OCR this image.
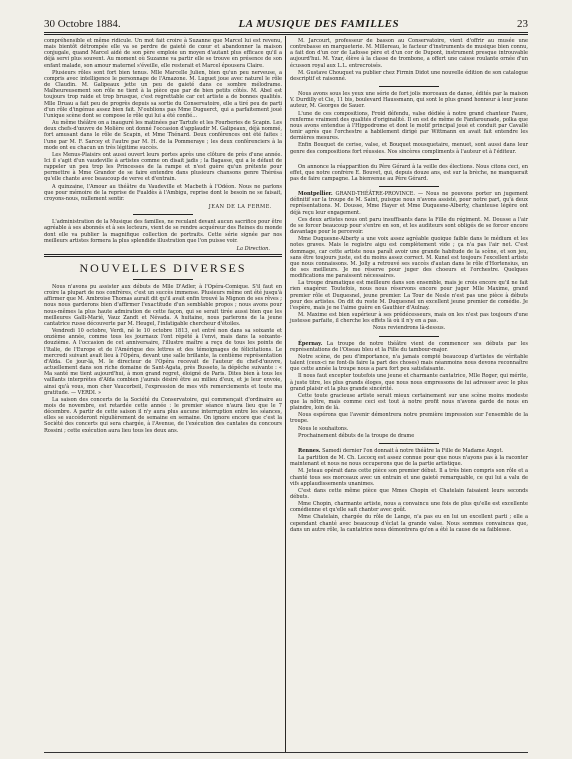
30 Octobre 1884.	LA MUSIQUE DES FAMILLES	23

compréhensible et même ridicule. Un mot fait croire à Suzanne que Marcel lui est revenu, mais bientôt détrompée elle va se perdre de gaieté de cœur et abandonner la maison conjugale, quand Marcel aidé de son père emploie un moyen d'autant plus efficace qu'il a déjà servi plus souvent. Au moment où Suzanne va partir elle se trouve en présence de son enfant malade, son amour maternel s'éveille, elle resterait et Marcel épousera Claire.

Plusieurs rôles sont fort bien tenus. Mlle Marcelle Julien, bien qu'un peu nerveuse, a compris avec intelligence le personnage de l'Amazone. M. Luguet joue avec naturel le rôle de Claudin. M. Galipeaux jette un peu de gaieté dans ce sombre mélodrame. Malheureusement son rôle ne tient à la pièce que par de bien petits côtés. M. Abel est toujours trop raide et trop brusque, c'est regrettable car cet artiste a de bonnes qualités. Mlle Druau a fait peu de progrès depuis sa sortie du Conservatoire, elle a tiré peu de parti d'un rôle d'ingénue assez bien fait. N'oublions pas Mme Duguerct, qui a parfaitement joué l'unique scène dont se compose le rôle qui lui a été confié...

Au même théâtre on a inauguré les matinées par Tartufe et les Fourberies de Scapin. Les deux chefs-d'œuvre de Molière ont donné l'occasion d'applaudir M. Galipeaux, déjà nommé, fort amusant dans le rôle de Scapin, et Mme Thénard. Deux conférences ont été faites : l'une par M. F. Sarcey et l'autre par M. H. de la Pommeraye ; les deux conférenciers à la mode ont eu chacun un très légitime succès.

Les Menus-Plaisirs ont aussi ouvert leurs portes après une clôture de près d'une année. Ici il s'agit d'un vaudeville à artistes comme on disait jadis ; la Bagasse, qui a le défaut de rappeler un peu trop les Princesses de la rampe et n'est guère qu'un prétexte pour permettre à Mme Grandor de se faire entendre dans plusieurs chansons genre Thérésa qu'elle chante avec beaucoup de verve et d'entrain.

A quinzaine, l'Amour au théâtre du Vaudeville et Macbeth à l'Odéon. Nous ne parlons que pour mémoire de la reprise de Fualdès à l'Ambigu, reprise dont le besoin ne se faisait, croyons-nous, nullement sentir.

JEAN DE LA FERME.

L'administration de la Musique des familles, ne reculant devant aucun sacrifice pour être agréable à ses abonnés et à ses lecteurs, vient de se rendre acquéreur des Reines du monde dont elle va publier la magnifique collection de portraits. Cette série signée par nos meilleurs artistes formera la plus splendide illustration que l'on puisse voir.

La Direction.
NOUVELLES DIVERSES

Nous n'avons pu assister aux débuts de Mlle D'Adler, à l'Opéra-Comique. S'il faut en croire la plupart de nos confrères, c'est un succès immense. Plusieurs même ont été jusqu'à affirmer que M. Ambroise Thomas aurait dit qu'il avait enfin trouvé la Mignon de ses rêves ; nous nous garderons bien d'affirmer l'exactitude d'un semblable propos ; nous avons pour nous-mêmes la plus haute admiration de cette façon, qui se serait tirée aussi bien que les meilleures Galli-Marié, Vauz Zandt et Névada. A huitaine, nous parlerons de la jeune cantatrice russe découverte par M. Heugel, l'infatigable chercheur d'étoiles.

Vendredi 10 octobre, Verdi, né le 10 octobre 1813, est entré non dans sa soixante et onzième année, comme tous les journaux l'ont répété à l'envi, mais dans la soixante-douzième. A l'occasion de cet anniversaire, l'illustre maître a reçu de tous les points de l'Italie, de l'Europe et de l'Amérique des lettres et des témoignages de félicitations. Le mercredi suivant avait lieu à l'Opéra, devant une salle brillante, la centième représentation d'Aïda. Ce jour-là, M. le directeur de l'Opéra recevait de l'auteur du chef-d'œuvre, actuellement dans son riche domaine de Sant-Agata, près Busseto, la dépêche suivante : « Ma santé me tient aujourd'hui, à mon grand regret, éloigné de Paris. Dites bien à tous les vaillants interprètes d'Aïda combien j'aurais désiré être au milieu d'eux, et je leur envoie, ainsi qu'à vous, mon cher Vaucorbeil, l'expression de mes vifs remerciements et toute ma gratitude. — VERDI. »

La saison des concerts de la Société du Conservatoire, qui commençait d'ordinaire au mois de novembre, est retardée cette année : le premier séance n'aura lieu que le 7 décembre. A partir de cette saison il n'y aura plus aucune interruption entre les séances, elles se succéderont régulièrement de semaine en semaine. On ignore encore que c'est la Société des concerts qui sera chargée, à l'Avenue, de l'exécution des cantates du concours Rossini ; cette exécution aura lieu tous les deux ans.

M. Jarcourt, professeur de basson au Conservatoire, vient d'offrir au musée une contrebasse en marqueterie. M. Millereau, le facteur d'instruments de musique bien connu, a fait don d'un cor de Lafosse père et d'un cor de Dupont, instrument presque introuvable aujourd'hui. M. Yzar, élève à la classe de trombone, a offert une caisse roulante ornée d'un écusson royal aux L.L. entrecroisés.

M. Gustave Chouquet va publier chez Firmin Didot une nouvelle édition de son catalogue descriptif et raisonné.

Nous avons sous les yeux une série de fort jolis morceaux de danse, édités par la maison V. Durdilly et Cie, 11 bis, boulevard Haussmann, qui sont le plus grand honneur à leur jeune auteur, M. Georges de Sauer.

L'une de ces compositions, Froid défendu, valse dédiée à notre grand chanteur Faure, renferme vraiment des qualités d'originalité. Il en est de même de Fanfarounade, polka que nous avons entendue à l'Hippodrome et dont le motif principal joué et conduit par Cavallé tenir après que l'orchestre a habilement dirigé par Wittmann en avait fait entendre les dernières mesures.

Enfin Bouquet de cerise, valse, et Bouquet mousquetaire, menuet, sont aussi dans leur genre des compositions fort réussies. Nos sincères compliments à l'auteur et à l'éditeur.

On annonce la réapparition du Père Gérard à la veille des élections. Nous citons ceci, en effet, que notre confrère E. Bouvet, qui, depuis douze ans, est sur la brèche, ne manquerait pas de faire campagne. La bienvenue au Père Gérard.

Montpellier. GRAND-THÉÂTRE-PROVINCE. — Nous ne pouvons porter un jugement définitif sur la troupe de M. Saint, puisque nous n'avons assisté, pour notre part, qu'à deux représentations. M. Dousse, Mme Hayer et Mme Duquesne-Alberty, chanteuse légère ont déjà reçu leur engagement.

Ces deux artistes nous ont paru insuffisants dans la Fille du régiment. M. Dousse a l'air de se forcer beaucoup pour s'entre en son, et les auditeurs sont obligés de se forcer encore davantage pour le percevoir.

Mme Duquesne-Alberty a une voix assez agréable quoique faible dans le médium et les notes graves. Mais le registre aigu est complètement vide ; ça n'a pas l'air net. C'est dommage, car cette artiste nous paraît avoir une grande habitude de la scène, et son jeu, sans être toujours juste, est du moins assez correct. M. Kunel est toujours l'excellent artiste que nous connaissons. M. Jolly a retrouvé ses succès d'autan dans le rôle d'Hortensius, un de ses meilleurs. Je me réserve pour juger des choeurs et l'orchestre. Quelques modifications me paraissent nécessaires.

La troupe dramatique est meilleure dans son ensemble, mais je crois encore qu'il ne fait rien exagérer. Toutefois, nous nous réservons encore pour juger Mlle Maxime, grand premier rôle et Duquesnel, jeune premier. La Tour de Nesle n'est pas une pièce à débuts pour des artistes. On dit du reste M. Duquesnel un excellent jeune premier de comédie. Je l'espère, mais je ne l'aime guère en Gauthier d'Aulnay.

M. Maxime est bien supérieur à ses prédécesseurs, mais on les n'est pas toujours d'une justesse parfaite, il cherche les effets là où il n'y en a pas.

Nous reviendrons là-dessus.

Épernay. La troupe de notre théâtre vient de commencer ses débuts par les représentations de l'Oiseau bleu et la Fille du tambour-major.

Notre scène, de peu d'importance, n'a jamais compté beaucoup d'artistes de véritable talent (ceux-ci ne font-ils faire la part des choses) mais néanmoins nous devons reconnaître que cette année la troupe nous a paru fort peu satisfaisante.

Il nous faut excepter toutefois une jeune et charmante cantatrice, Mlle Roger, qui mérite, à juste titre, les plus grands éloges, que nous nous empressons de lui adresser avec le plus grand plaisir et la plus grande sincérité.

Cette toute gracieuse artiste serait mieux certainement sur une scène moins modeste que la nôtre, mais comme ceci est tout à notre profit nous n'avons garde de nous en plaindre, loin de là.

Nous espérons que l'avenir démontrera notre première impression sur l'ensemble de la troupe.

Nous le souhaitons.

Prochainement débuts de la troupe de drame

Rennes. Samedi dernier l'on donnait à notre théâtre la Fille de Madame Angot.

La partition de M. Ch. Lecocq est assez connue pour que nous n'ayons pas à la raconter maintenant et nous ne nous occuperons que de la partie artistique.

M. Jeteau opérait dans cette pièce son premier début. Il a très bien compris son rôle et a chanté tous ses morceaux avec un entrain et une gaieté remarquable, ce qui lui a valu de vifs applaudissements unanimes.

C'est dans cette même pièce que Mmes Chopin et Chatelain faisaient leurs seconds débuts.

Mme Chopin, charmante artiste, nous a convaincu une fois de plus qu'elle est excellente comédienne et qu'elle sait chanter avec goût.

Mme Chatelain, chargée du rôle de Lange, n'a pas eu en lui un excellent parti ; elle a cependant chanté avec beaucoup d'éclat la grande valse. Nous sommes convaincus que, dans un autre rôle, la cantatrice nous démontrera qu'on a été la cause de sa faiblesse.
